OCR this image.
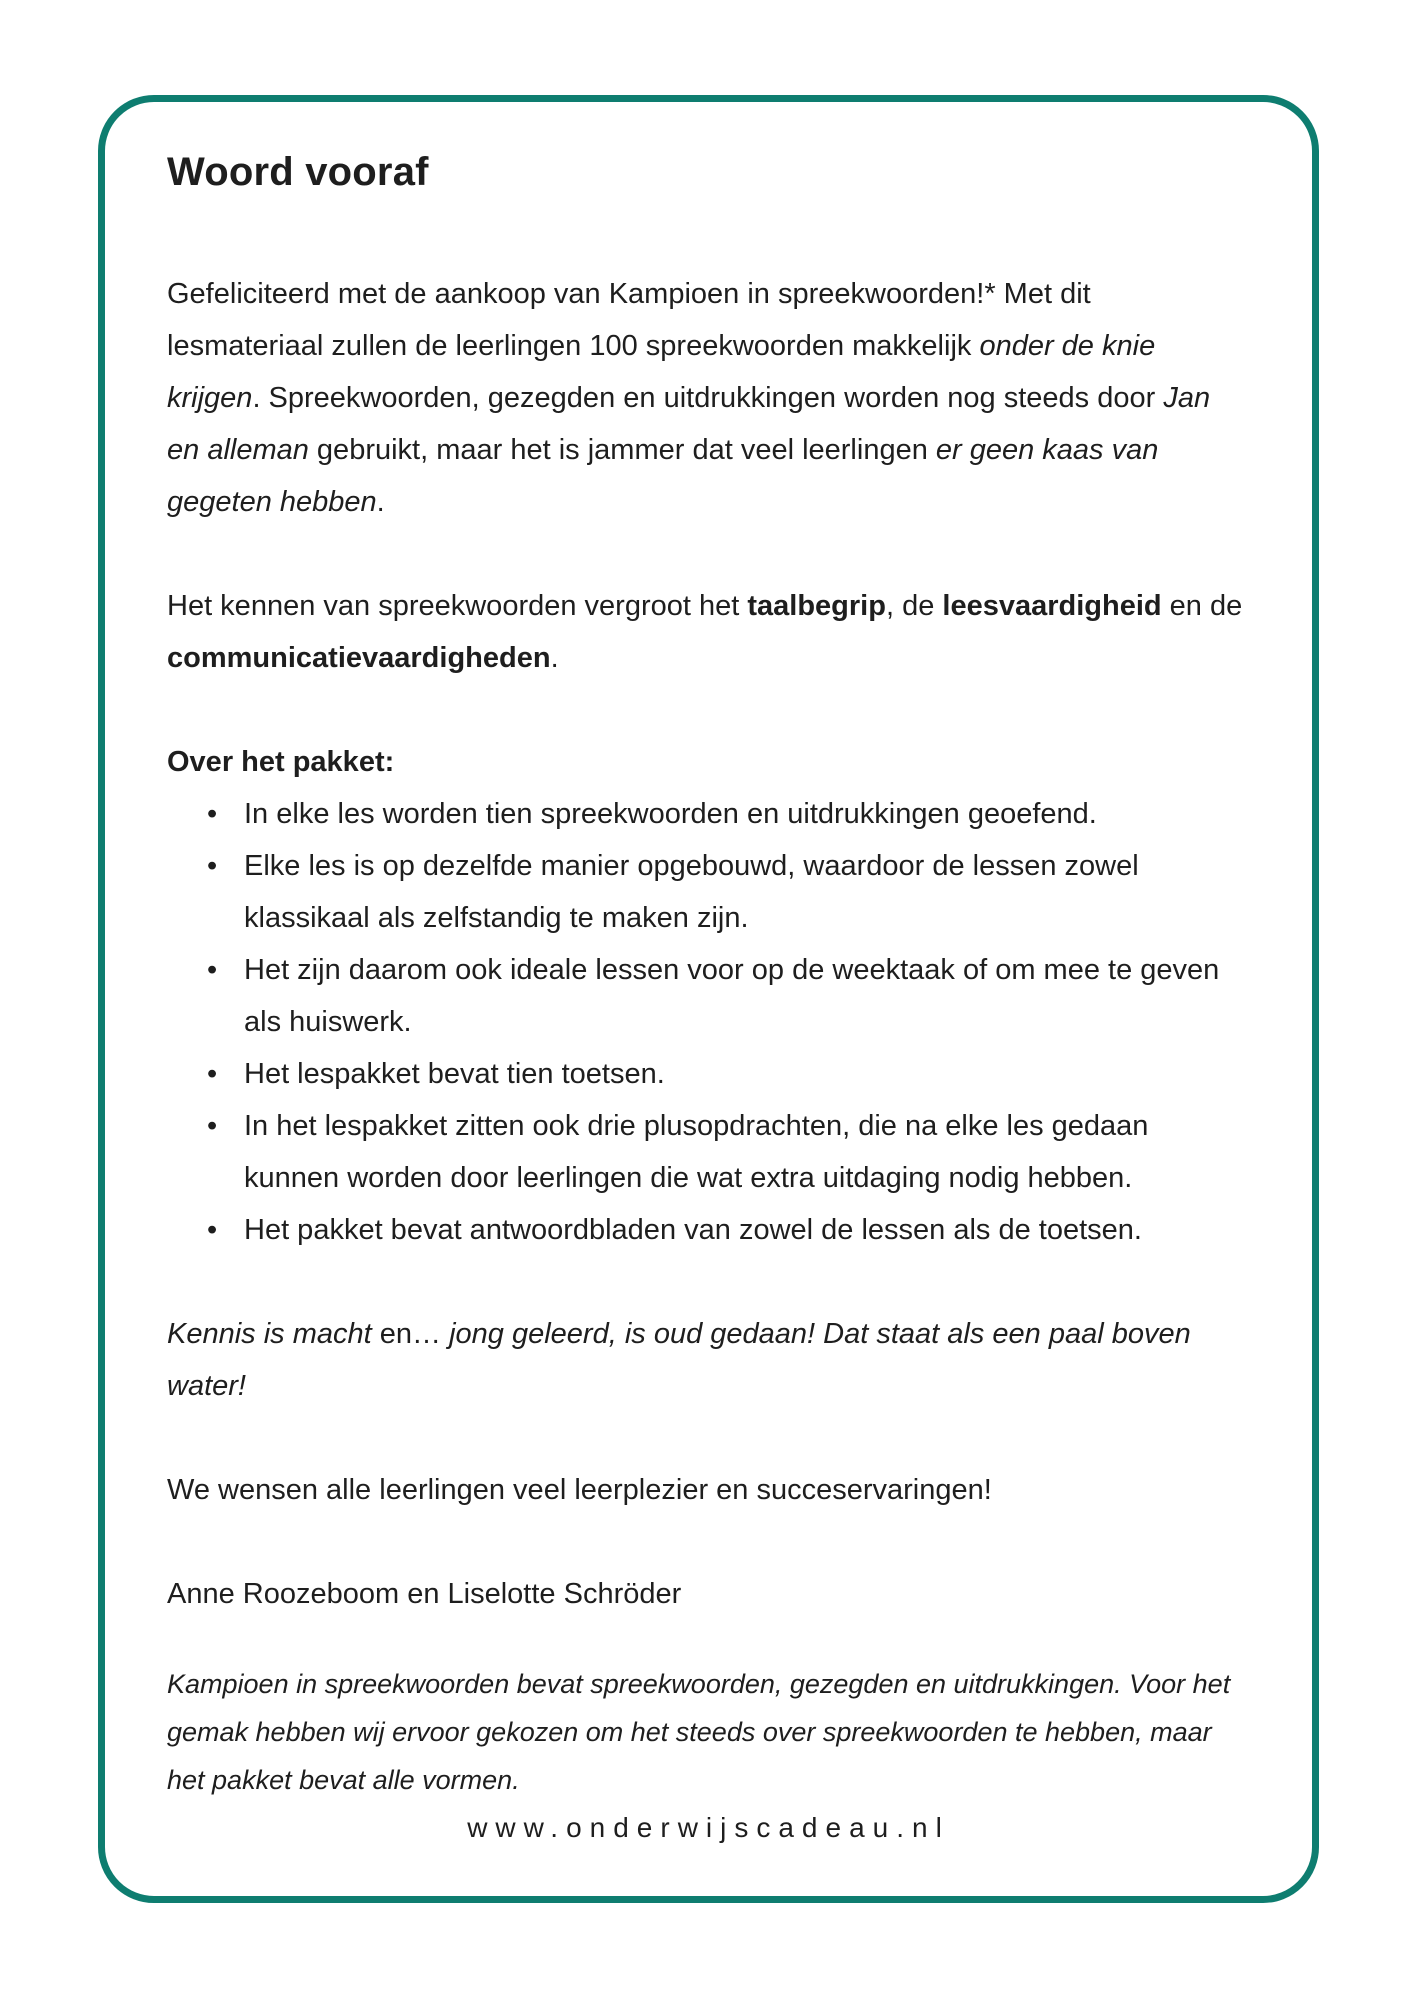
Woord vooraf

Gefeliciteerd met de aankoop van Kampioen in spreekwoorden!* Met dit lesmateriaal zullen de leerlingen 100 spreekwoorden makkelijk onder de knie krijgen. Spreekwoorden, gezegden en uitdrukkingen worden nog steeds door Jan en alleman gebruikt, maar het is jammer dat veel leerlingen er geen kaas van gegeten hebben.

Het kennen van spreekwoorden vergroot het taalbegrip, de leesvaardigheid en de communicatievaardigheden.

Over het pakket:

• In elke les worden tien spreekwoorden en uitdrukkingen geoefend.
• Elke les is op dezelfde manier opgebouwd, waardoor de lessen zowel klassikaal als zelfstandig te maken zijn.
• Het zijn daarom ook ideale lessen voor op de weektaak of om mee te geven als huiswerk.
• Het lespakket bevat tien toetsen.
• In het lespakket zitten ook drie plusopdrachten, die na elke les gedaan kunnen worden door leerlingen die wat extra uitdaging nodig hebben.
• Het pakket bevat antwoordbladen van zowel de lessen als de toetsen.

Kennis is macht en… jong geleerd, is oud gedaan! Dat staat als een paal boven water!

We wensen alle leerlingen veel leerplezier en succeservaringen!

Anne Roozeboom en Liselotte Schröder

Kampioen in spreekwoorden bevat spreekwoorden, gezegden en uitdrukkingen. Voor het gemak hebben wij ervoor gekozen om het steeds over spreekwoorden te hebben, maar het pakket bevat alle vormen.

www.onderwijscadeau.nl
